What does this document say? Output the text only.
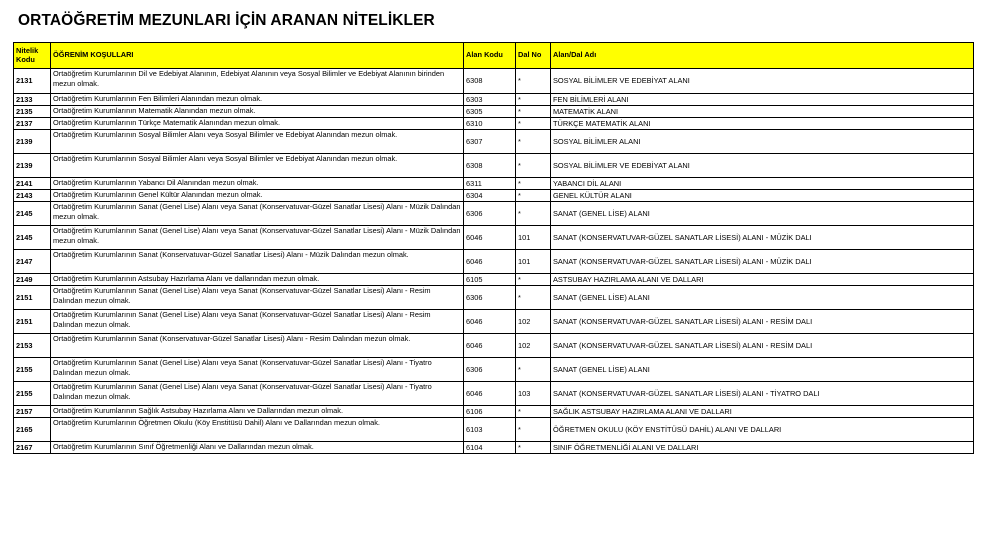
ORTAÖĞRETİM MEZUNLARI İÇİN ARANAN NİTELİKLER
Nitelik Kodu	ÖĞRENİM KOŞULLARI	Alan Kodu	Dal No	Alan/Dal Adı
2131	Ortaöğretim Kurumlarının Dil ve Edebiyat Alanının, Edebiyat Alanının veya Sosyal Bilimler ve Edebiyat Alanının birinden mezun olmak.	6308	*	SOSYAL BİLİMLER VE EDEBİYAT ALANI
2133	Ortaöğretim Kurumlarının Fen Bilimleri Alanından mezun olmak.	6303	*	FEN BİLİMLERİ ALANI
2135	Ortaöğretim Kurumlarının Matematik Alanından mezun olmak.	6305	*	MATEMATİK ALANI
2137	Ortaöğretim Kurumlarının Türkçe Matematik Alanından mezun olmak.	6310	*	TÜRKÇE MATEMATİK ALANI
2139	Ortaöğretim Kurumlarının Sosyal Bilimler Alanı veya Sosyal Bilimler ve Edebiyat Alanından mezun olmak.	6307	*	SOSYAL BİLİMLER ALANI
2139	Ortaöğretim Kurumlarının Sosyal Bilimler Alanı veya Sosyal Bilimler ve Edebiyat Alanından mezun olmak.	6308	*	SOSYAL BİLİMLER VE EDEBİYAT ALANI
2141	Ortaöğretim Kurumlarının Yabancı Dil Alanından mezun olmak.	6311	*	YABANCI DİL ALANI
2143	Ortaöğretim Kurumlarının Genel Kültür Alanından mezun olmak.	6304	*	GENEL KÜLTÜR ALANI
2145	Ortaöğretim Kurumlarının Sanat (Genel Lise) Alanı veya Sanat (Konservatuvar-Güzel Sanatlar Lisesi) Alanı - Müzik Dalından mezun olmak.	6306	*	SANAT (GENEL LİSE) ALANI
2145	Ortaöğretim Kurumlarının Sanat (Genel Lise) Alanı veya Sanat (Konservatuvar-Güzel Sanatlar Lisesi) Alanı - Müzik Dalından mezun olmak.	6046	101	SANAT (KONSERVATUVAR-GÜZEL SANATLAR LİSESİ) ALANI - MÜZİK DALI
2147	Ortaöğretim Kurumlarının Sanat (Konservatuvar-Güzel Sanatlar Lisesi) Alanı - Müzik Dalından mezun olmak.	6046	101	SANAT (KONSERVATUVAR-GÜZEL SANATLAR LİSESİ) ALANI - MÜZİK DALI
2149	Ortaöğretim Kurumlarının Astsubay Hazırlama Alanı ve dallarından mezun olmak.	6105	*	ASTSUBAY HAZIRLAMA ALANI VE DALLARI
2151	Ortaöğretim Kurumlarının Sanat (Genel Lise) Alanı veya Sanat (Konservatuvar-Güzel Sanatlar Lisesi) Alanı - Resim Dalından mezun olmak.	6306	*	SANAT (GENEL LİSE) ALANI
2151	Ortaöğretim Kurumlarının Sanat (Genel Lise) Alanı veya Sanat (Konservatuvar-Güzel Sanatlar Lisesi) Alanı - Resim Dalından mezun olmak.	6046	102	SANAT (KONSERVATUVAR-GÜZEL SANATLAR LİSESİ) ALANI - RESİM DALI
2153	Ortaöğretim Kurumlarının Sanat (Konservatuvar-Güzel Sanatlar Lisesi) Alanı - Resim Dalından mezun olmak.	6046	102	SANAT (KONSERVATUVAR-GÜZEL SANATLAR LİSESİ) ALANI - RESİM DALI
2155	Ortaöğretim Kurumlarının Sanat (Genel Lise) Alanı veya Sanat (Konservatuvar-Güzel Sanatlar Lisesi) Alanı - Tiyatro Dalından mezun olmak.	6306	*	SANAT (GENEL LİSE) ALANI
2155	Ortaöğretim Kurumlarının Sanat (Genel Lise) Alanı veya Sanat (Konservatuvar-Güzel Sanatlar Lisesi) Alanı - Tiyatro Dalından mezun olmak.	6046	103	SANAT (KONSERVATUVAR-GÜZEL SANATLAR LİSESİ) ALANI - TİYATRO DALI
2157	Ortaöğretim Kurumlarının Sağlık Astsubay Hazırlama Alanı ve Dallarından mezun olmak.	6106	*	SAĞLIK ASTSUBAY HAZIRLAMA ALANI VE DALLARI
2165	Ortaöğretim Kurumlarının Öğretmen Okulu (Köy Enstitüsü Dahil) Alanı ve Dallarından mezun olmak.	6103	*	ÖĞRETMEN OKULU (KÖY ENSTİTÜSÜ DAHİL) ALANI VE DALLARI
2167	Ortaöğretim Kurumlarının Sınıf Öğretmenliği Alanı ve Dallarından mezun olmak.	6104	*	SINIF ÖĞRETMENLİĞİ ALANI VE DALLARI
